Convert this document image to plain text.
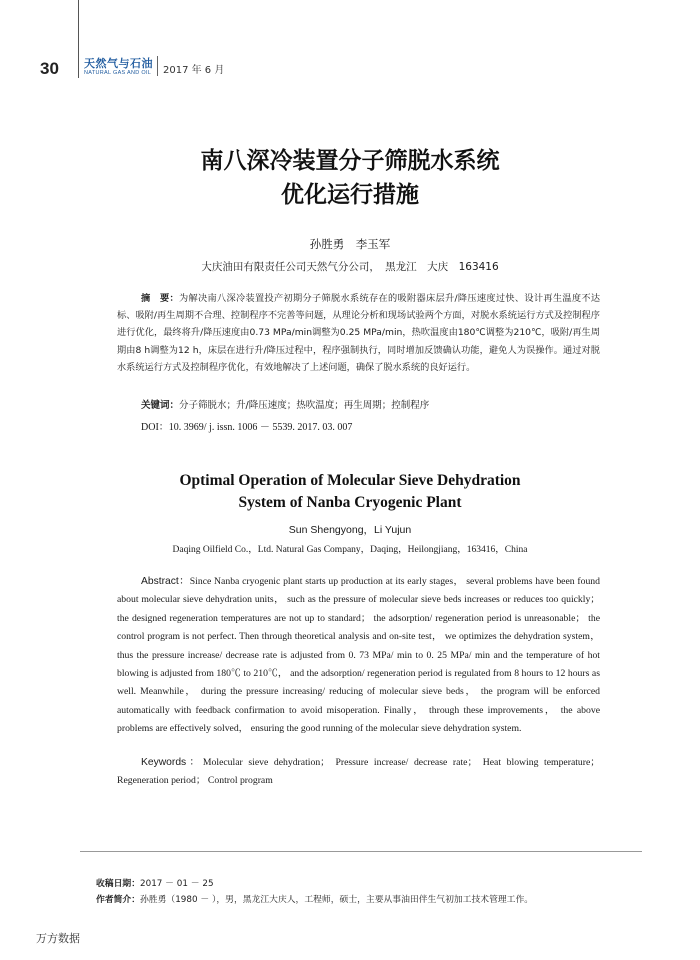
30 天然气与石油
NATURAL GAS AND OIL 2017 年 6 月
南八深冷装置分子筛脱水系统
优化运行措施
孙胜勇　李玉军
大庆油田有限责任公司天然气分公司，　黑龙江　大庆　163416
摘　要：为解决南八深冷装置投产初期分子筛脱水系统存在的吸附器床层升/降压速度过快、设计再生温度不达标、吸附/再生周期不合理、控制程序不完善等问题，从理论分析和现场试验两个方面，对脱水系统运行方式及控制程序进行优化，最终将升/降压速度由0.73 MPa/min调整为0.25 MPa/min，热吹温度由180℃调整为210℃，吸附/再生周期由8 h调整为12 h，床层在进行升/降压过程中，程序强制执行，同时增加反馈确认功能，避免人为误操作。通过对脱水系统运行方式及控制程序优化，有效地解决了上述问题，确保了脱水系统的良好运行。
关键词：分子筛脱水；升/降压速度；热吹温度；再生周期；控制程序
DOI：10. 3969/ j. issn. 1006 － 5539. 2017. 03. 007
Optimal Operation of Molecular Sieve Dehydration
System of Nanba Cryogenic Plant
Sun Shengyong，Li Yujun
Daqing Oilfield Co.，Ltd. Natural Gas Company，Daqing，Heilongjiang，163416，China
Abstract：Since Nanba cryogenic plant starts up production at its early stages， several problems have been found about molecular sieve dehydration units， such as the pressure of molecular sieve beds increases or reduces too quickly； the designed regeneration temperatures are not up to standard； the adsorption/ regeneration period is unreasonable； the control program is not perfect. Then through theoretical analysis and on-site test， we optimizes the dehydration system， thus the pressure increase/ decrease rate is adjusted from 0. 73 MPa/ min to 0. 25 MPa/ min and the temperature of hot blowing is adjusted from 180℃ to 210℃， and the adsorption/ regeneration period is regulated from 8 hours to 12 hours as well. Meanwhile， during the pressure increasing/ reducing of molecular sieve beds， the program will be enforced automatically with feedback confirmation to avoid misoperation. Finally， through these improvements， the above problems are effectively solved， ensuring the good running of the molecular sieve dehydration system.
Keywords：Molecular sieve dehydration； Pressure increase/ decrease rate； Heat blowing temperature； Regeneration period； Control program
收稿日期：2017 － 01 － 25
作者简介：孙胜勇（1980 － ），男，黑龙江大庆人，工程师，硕士，主要从事油田伴生气初加工技术管理工作。
万方数据
